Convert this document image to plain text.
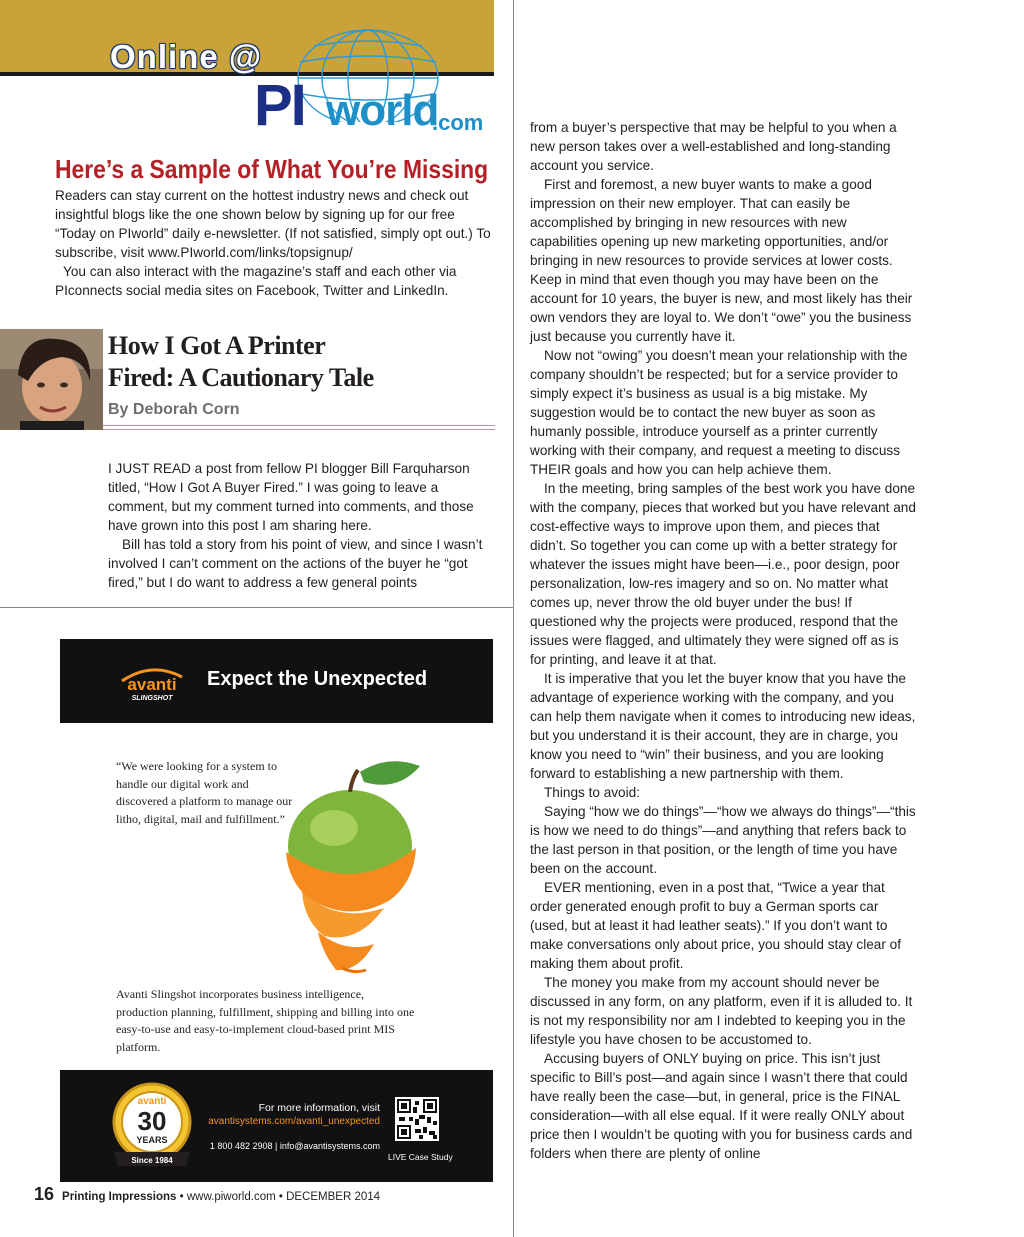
Online @
PI world
.com
Here’s a Sample of What You’re Missing

Readers can stay current on the hottest industry news and check out insightful blogs like the one shown below by signing up for our free “Today on PIworld” daily e-newsletter. (If not satisfied, simply opt out.) To subscribe, visit www.PIworld.com/links/topsignup/

You can also interact with the magazine’s staff and each other via PIconnects social media sites on Facebook, Twitter and LinkedIn.

How I Got A Printer
Fired: A Cautionary Tale
By Deborah Corn

I JUST READ a post from fellow PI blogger Bill Farquharson titled, “How I Got A Buyer Fired.” I was going to leave a comment, but my comment turned into comments, and those have grown into this post I am sharing here.

Bill has told a story from his point of view, and since I wasn’t involved I can’t comment on the actions of the buyer he “got fired,” but I do want to address a few general points

avanti
SLINGSHOT
Expect the Unexpected
“We were looking for a system to handle our digital work and discovered a platform to manage our litho, digital, mail and fulfillment.”
Avanti Slingshot incorporates business intelligence, production planning, fulfillment, shipping and billing into one easy-to-use and easy-to-implement cloud-based print MIS platform.
avanti
30
YEARS
Since 1984
For more information, visit
avantisystems.com/avanti_unexpected
1 800 482 2908 | info@avantisystems.com
LIVE Case Study
16 Printing Impressions • www.piworld.com • DECEMBER 2014

from a buyer’s perspective that may be helpful to you when a new person takes over a well-established and long-standing account you service.

First and foremost, a new buyer wants to make a good impression on their new employer. That can easily be accomplished by bringing in new resources with new capabilities opening up new marketing opportunities, and/or bringing in new resources to provide services at lower costs. Keep in mind that even though you may have been on the account for 10 years, the buyer is new, and most likely has their own vendors they are loyal to. We don’t “owe” you the business just because you currently have it.

Now not “owing” you doesn’t mean your relationship with the company shouldn’t be respected; but for a service provider to simply expect it’s business as usual is a big mistake. My suggestion would be to contact the new buyer as soon as humanly possible, introduce yourself as a printer currently working with their company, and request a meeting to discuss THEIR goals and how you can help achieve them.

In the meeting, bring samples of the best work you have done with the company, pieces that worked but you have relevant and cost-effective ways to improve upon them, and pieces that didn’t. So together you can come up with a better strategy for whatever the issues might have been—i.e., poor design, poor personalization, low-res imagery and so on. No matter what comes up, never throw the old buyer under the bus! If questioned why the projects were produced, respond that the issues were flagged, and ultimately they were signed off as is for printing, and leave it at that.

It is imperative that you let the buyer know that you have the advantage of experience working with the company, and you can help them navigate when it comes to introducing new ideas, but you understand it is their account, they are in charge, you know you need to “win” their business, and you are looking forward to establishing a new partnership with them.

Things to avoid:

Saying “how we do things”—“how we always do things”—“this is how we need to do things”—and anything that refers back to the last person in that position, or the length of time you have been on the account.

EVER mentioning, even in a post that, “Twice a year that order generated enough profit to buy a German sports car (used, but at least it had leather seats).” If you don’t want to make conversations only about price, you should stay clear of making them about profit.

The money you make from my account should never be discussed in any form, on any platform, even if it is alluded to. It is not my responsibility nor am I indebted to keeping you in the lifestyle you have chosen to be accustomed to.

Accusing buyers of ONLY buying on price. This isn’t just specific to Bill’s post—and again since I wasn’t there that could have really been the case—but, in general, price is the FINAL consideration—with all else equal. If it were really ONLY about price then I wouldn’t be quoting with you for business cards and folders when there are plenty of online
